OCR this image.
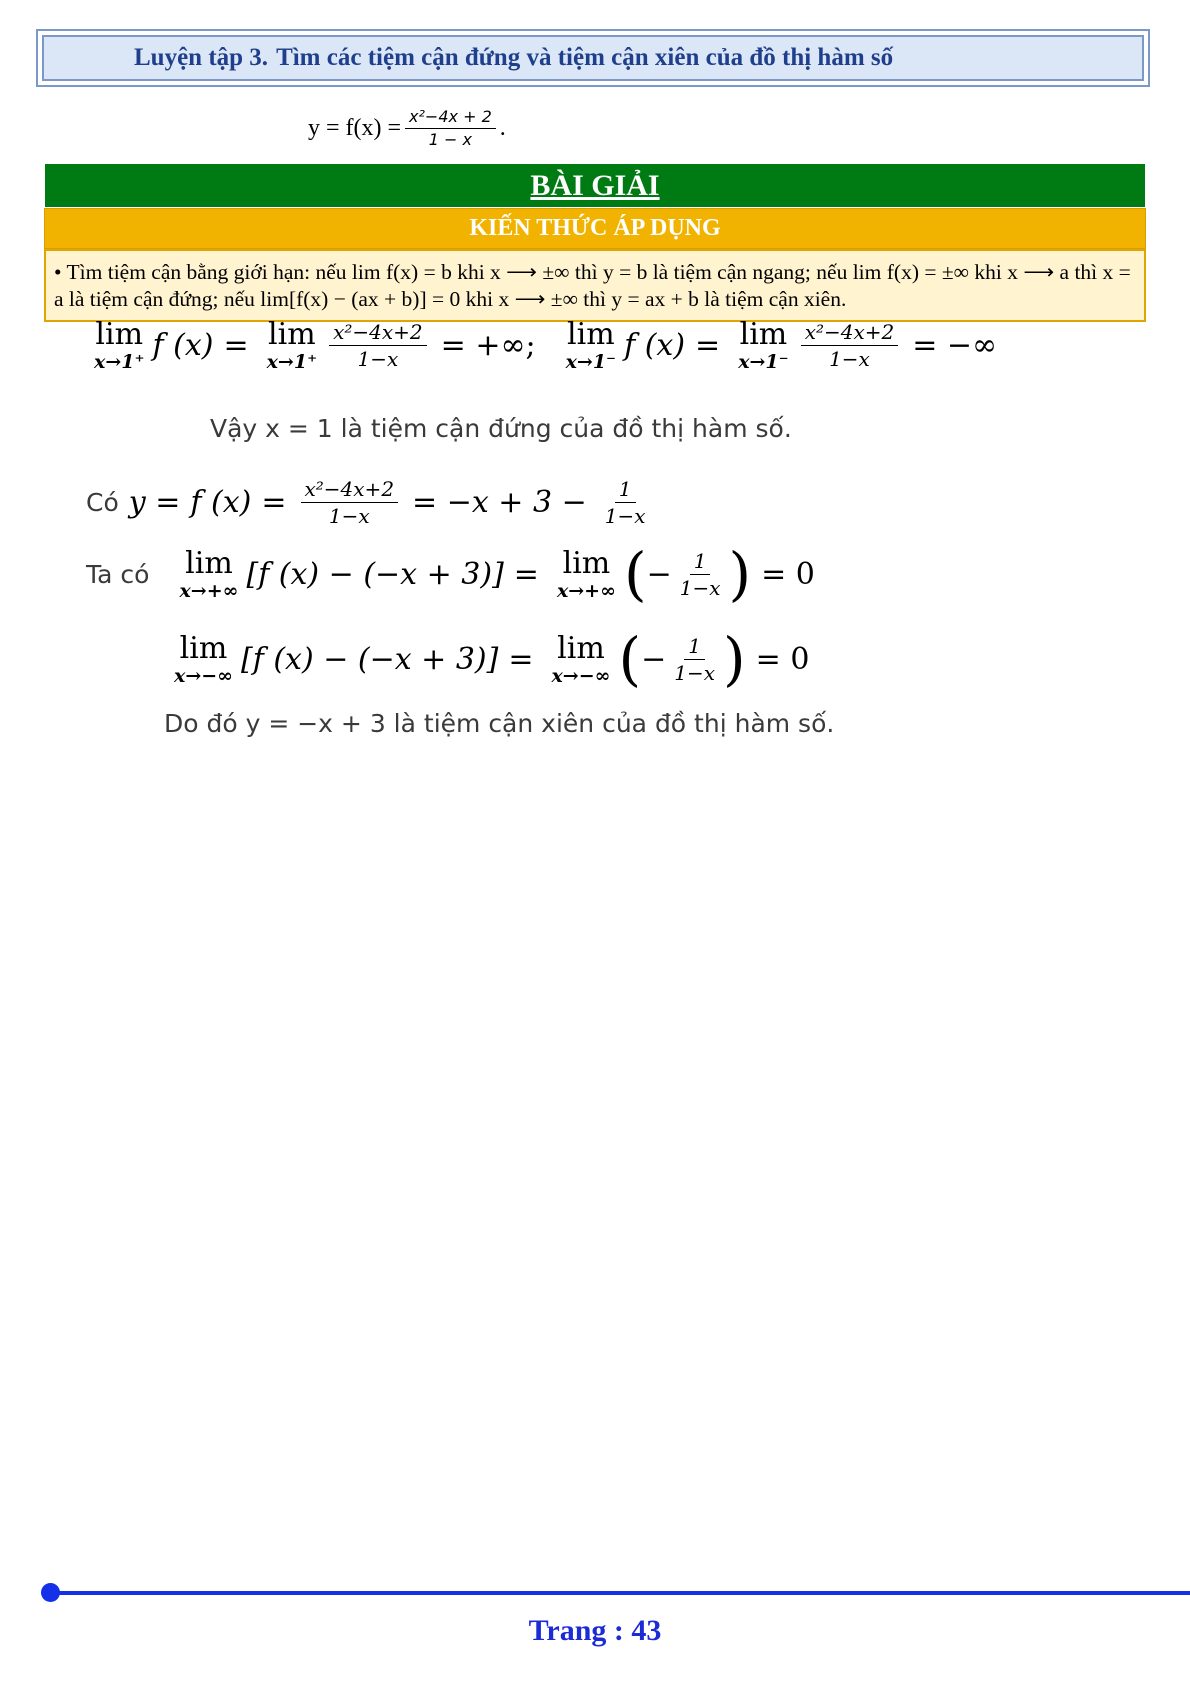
Luyện tập 3. Tìm các tiệm cận đứng và tiệm cận xiên của đồ thị hàm số
$y = f(x) = \frac{\text{x²−4x + 2}}{1 - x}$ .
BÀI GIẢI
KIẾN THỨC ÁP DỤNG
• Tìm tiệm cận bằng giới hạn: nếu lim f(x) = b khi x ⟶ ±∞ thì y = b là tiệm cận ngang; nếu lim f(x) = ±∞ khi x ⟶ a thì x = a là tiệm cận đứng; nếu lim[f(x) − (ax + b)] = 0 khi x ⟶ ±∞ thì y = ax + b là tiệm cận xiên.
lim
x→1⁺ f (x) = lim
$x\to 1^+ \frac{\text{x²−4x+2}}{1-x}$ = +∞; lim
x→1⁻ f (x) = lim
$x\to 1^- \frac{\text{x²−4x+2}}{1-x}$ = −∞
Vậy x = 1 là tiệm cận đứng của đồ thị hàm số.
Có y = f $(x) = \frac{\text{x²−4x+2}}{1-x} = -x + 3 - \frac{1}{1-x}$
Ta có lim
x→+∞ [f (x) − (−x + 3)] = lim
x→+∞ ( − $\frac{1}{1-x}$ ) = 0
lim
x→−∞ [f (x) − (−x + 3)] = lim
x→−∞ ( − $\frac{1}{1-x}$ ) = 0
Do đó y = −x + 3 là tiệm cận xiên của đồ thị hàm số.
Trang : 43
